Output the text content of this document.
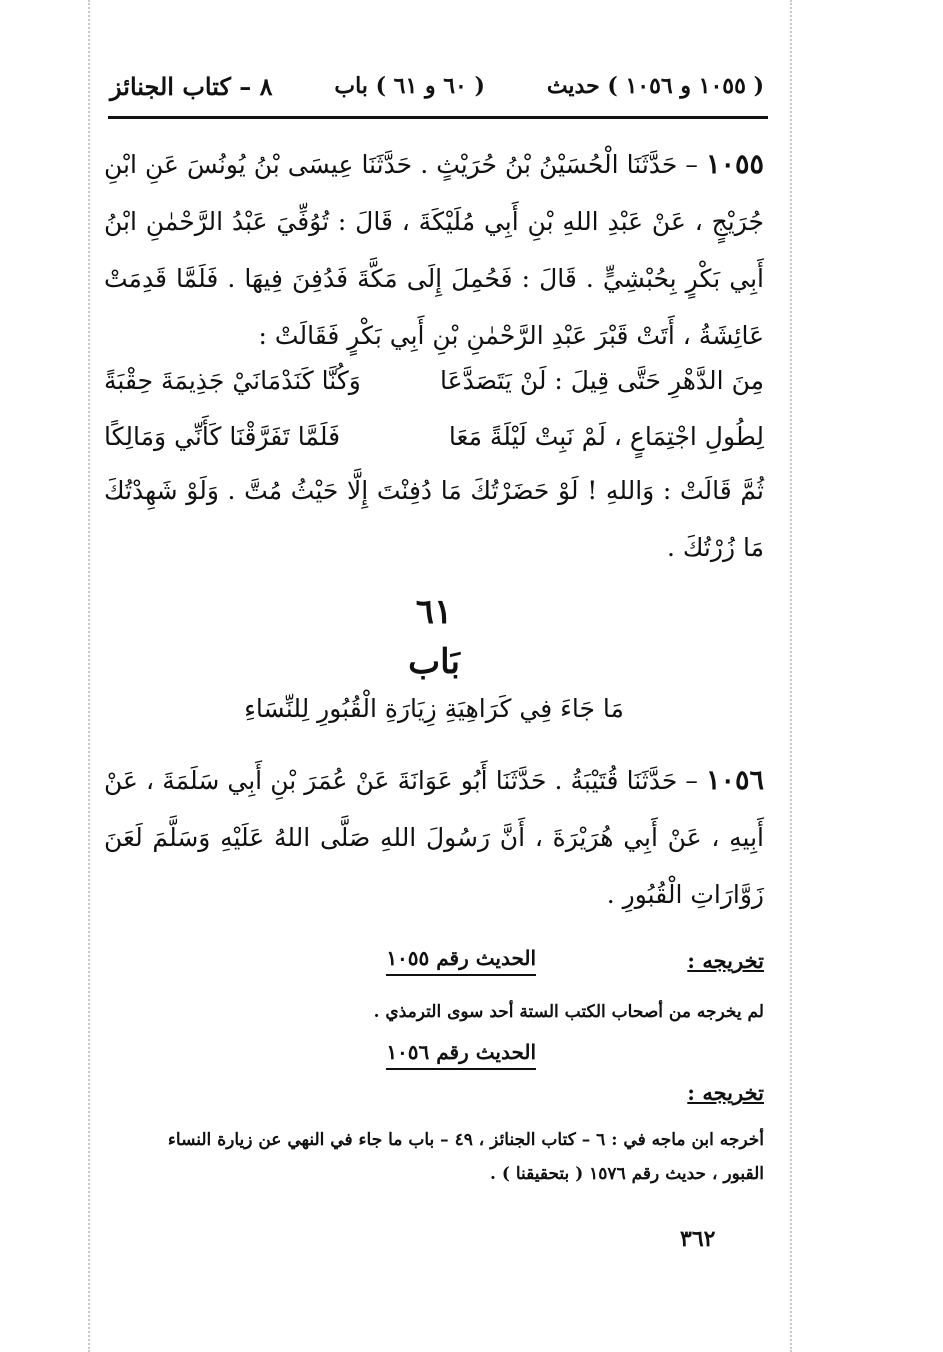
٨ – كتاب الجنائز	( ٦٠ و ٦١ ) باب	( ١٠٥٥ و ١٠٥٦ ) حديث
١٠٥٥ – حَدَّثَنَا الْحُسَيْنُ بْنُ حُرَيْثٍ . حَدَّثَنَا عِيسَى بْنُ يُونُسَ عَنِ ابْنِ جُرَيْجٍ ، عَنْ عَبْدِ اللهِ بْنِ أَبِي مُلَيْكَةَ ، قَالَ : تُوُفِّيَ عَبْدُ الرَّحْمٰنِ ابْنُ أَبِي بَكْرٍ بِحُبْشِيٍّ . قَالَ : فَحُمِلَ إِلَى مَكَّةَ فَدُفِنَ فِيهَا . فَلَمَّا قَدِمَتْ عَائِشَةُ ، أَتَتْ قَبْرَ عَبْدِ الرَّحْمٰنِ بْنِ أَبِي بَكْرٍ فَقَالَتْ :
وَكُنَّا كَنَدْمَانَيْ جَذِيمَةَ حِقْبَةً	مِنَ الدَّهْرِ حَتَّى قِيلَ : لَنْ يَتَصَدَّعَا
فَلَمَّا تَفَرَّقْنَا كَأَنِّي وَمَالِكًا	لِطُولِ اجْتِمَاعٍ ، لَمْ نَبِتْ لَيْلَةً مَعَا
ثُمَّ قَالَتْ : وَاللهِ ! لَوْ حَضَرْتُكَ مَا دُفِنْتَ إِلَّا حَيْثُ مُتَّ . وَلَوْ شَهِدْتُكَ مَا زُرْتُكَ .
٦١
بَاب
مَا جَاءَ فِي كَرَاهِيَةِ زِيَارَةِ الْقُبُورِ لِلنِّسَاءِ
١٠٥٦ – حَدَّثَنَا قُتَيْبَةُ . حَدَّثَنَا أَبُو عَوَانَةَ عَنْ عُمَرَ بْنِ أَبِي سَلَمَةَ ، عَنْ أَبِيهِ ، عَنْ أَبِي هُرَيْرَةَ ، أَنَّ رَسُولَ اللهِ صَلَّى اللهُ عَلَيْهِ وَسَلَّمَ لَعَنَ زَوَّارَاتِ الْقُبُورِ .
تخريجه :
الحديث رقم ١٠٥٥
لم يخرجه من أصحاب الكتب الستة أحد سوى الترمذي .
الحديث رقم ١٠٥٦
تخريجه :
أخرجه ابن ماجه في : ٦ – كتاب الجنائز ، ٤٩ – باب ما جاء في النهي عن زيارة النساء
القبور ، حديث رقم ١٥٧٦ ( بتحقيقنا ) .
٣٦٢
